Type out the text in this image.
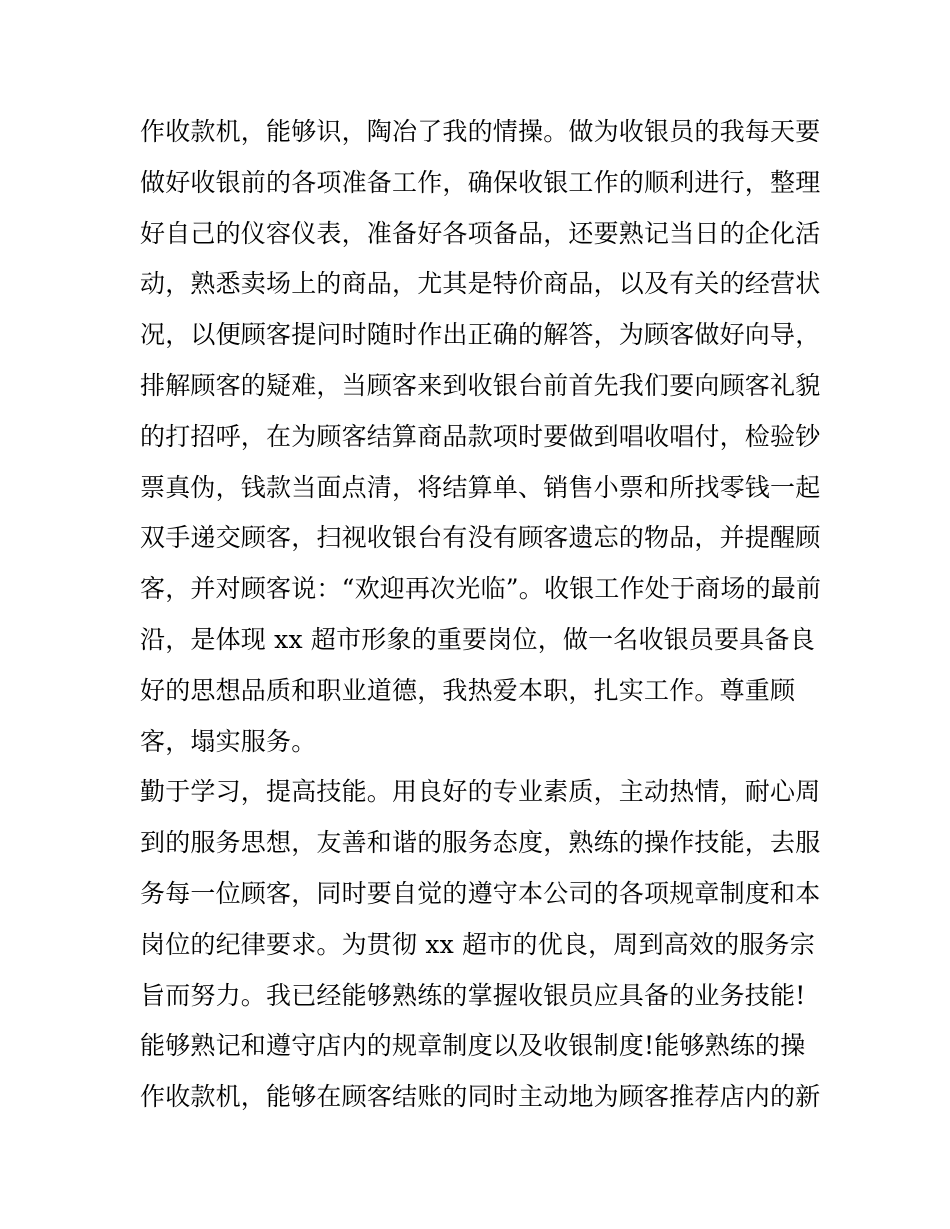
作收款机，能够识，陶冶了我的情操。做为收银员的我每天要
做好收银前的各项准备工作，确保收银工作的顺利进行，整理
好自己的仪容仪表，准备好各项备品，还要熟记当日的企化活
动，熟悉卖场上的商品，尤其是特价商品，以及有关的经营状
况，以便顾客提问时随时作出正确的解答，为顾客做好向导，
排解顾客的疑难，当顾客来到收银台前首先我们要向顾客礼貌
的打招呼，在为顾客结算商品款项时要做到唱收唱付，检验钞
票真伪，钱款当面点清，将结算单、销售小票和所找零钱一起
双手递交顾客，扫视收银台有没有顾客遗忘的物品，并提醒顾
客，并对顾客说：“欢迎再次光临”。收银工作处于商场的最前
沿，是体现 xx 超市形象的重要岗位，做一名收银员要具备良
好的思想品质和职业道德，我热爱本职，扎实工作。尊重顾
客，塌实服务。
勤于学习，提高技能。用良好的专业素质，主动热情，耐心周
到的服务思想，友善和谐的服务态度，熟练的操作技能，去服
务每一位顾客，同时要自觉的遵守本公司的各项规章制度和本
岗位的纪律要求。为贯彻 xx 超市的优良，周到高效的服务宗
旨而努力。我已经能够熟练的掌握收银员应具备的业务技能!
能够熟记和遵守店内的规章制度以及收银制度!能够熟练的操
作收款机，能够在顾客结账的同时主动地为顾客推荐店内的新
